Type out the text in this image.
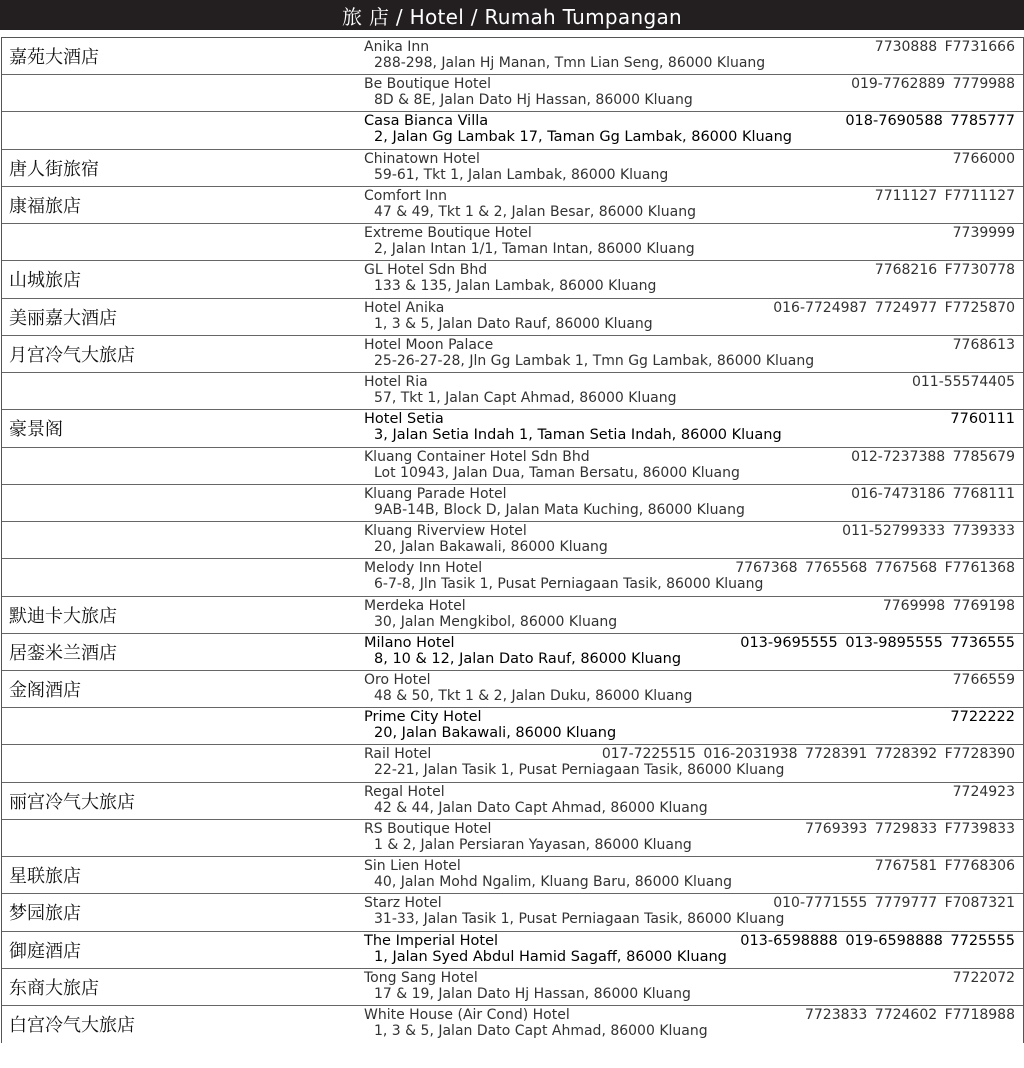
旅 店 / Hotel / Rumah Tumpangan
嘉苑大酒店	Anika Inn
288-298, Jalan Hj Manan, Tmn Lian Seng, 86000 Kluang
7730888 F7731666
Be Boutique Hotel
8D & 8E, Jalan Dato Hj Hassan, 86000 Kluang
019-7762889 7779988
Casa Bianca Villa
2, Jalan Gg Lambak 17, Taman Gg Lambak, 86000 Kluang
018-7690588 7785777
唐人街旅宿	Chinatown Hotel
59-61, Tkt 1, Jalan Lambak, 86000 Kluang
7766000
康福旅店	Comfort Inn
47 & 49, Tkt 1 & 2, Jalan Besar, 86000 Kluang
7711127 F7711127
Extreme Boutique Hotel
2, Jalan Intan 1/1, Taman Intan, 86000 Kluang
7739999
山城旅店	GL Hotel Sdn Bhd
133 & 135, Jalan Lambak, 86000 Kluang
7768216 F7730778
美丽嘉大酒店	Hotel Anika
1, 3 & 5, Jalan Dato Rauf, 86000 Kluang
016-7724987 7724977 F7725870
月宫冷气大旅店	Hotel Moon Palace
25-26-27-28, Jln Gg Lambak 1, Tmn Gg Lambak, 86000 Kluang
7768613
Hotel Ria
57, Tkt 1, Jalan Capt Ahmad, 86000 Kluang
011-55574405
豪景阁	Hotel Setia
3, Jalan Setia Indah 1, Taman Setia Indah, 86000 Kluang
7760111
Kluang Container Hotel Sdn Bhd
Lot 10943, Jalan Dua, Taman Bersatu, 86000 Kluang
012-7237388 7785679
Kluang Parade Hotel
9AB-14B, Block D, Jalan Mata Kuching, 86000 Kluang
016-7473186 7768111
Kluang Riverview Hotel
20, Jalan Bakawali, 86000 Kluang
011-52799333 7739333
Melody Inn Hotel
6-7-8, Jln Tasik 1, Pusat Perniagaan Tasik, 86000 Kluang
7767368 7765568 7767568 F7761368
默迪卡大旅店	Merdeka Hotel
30, Jalan Mengkibol, 86000 Kluang
7769998 7769198
居銮米兰酒店	Milano Hotel
8, 10 & 12, Jalan Dato Rauf, 86000 Kluang
013-9695555 013-9895555 7736555
金阁酒店	Oro Hotel
48 & 50, Tkt 1 & 2, Jalan Duku, 86000 Kluang
7766559
Prime City Hotel
20, Jalan Bakawali, 86000 Kluang
7722222
Rail Hotel
22-21, Jalan Tasik 1, Pusat Perniagaan Tasik, 86000 Kluang
017-7225515 016-2031938 7728391 7728392 F7728390
丽宫冷气大旅店	Regal Hotel
42 & 44, Jalan Dato Capt Ahmad, 86000 Kluang
7724923
RS Boutique Hotel
1 & 2, Jalan Persiaran Yayasan, 86000 Kluang
7769393 7729833 F7739833
星联旅店	Sin Lien Hotel
40, Jalan Mohd Ngalim, Kluang Baru, 86000 Kluang
7767581 F7768306
梦园旅店	Starz Hotel
31-33, Jalan Tasik 1, Pusat Perniagaan Tasik, 86000 Kluang
010-7771555 7779777 F7087321
御庭酒店	The Imperial Hotel
1, Jalan Syed Abdul Hamid Sagaff, 86000 Kluang
013-6598888 019-6598888 7725555
东商大旅店	Tong Sang Hotel
17 & 19, Jalan Dato Hj Hassan, 86000 Kluang
7722072
白宫冷气大旅店	White House (Air Cond) Hotel
1, 3 & 5, Jalan Dato Capt Ahmad, 86000 Kluang
7723833 7724602 F7718988
